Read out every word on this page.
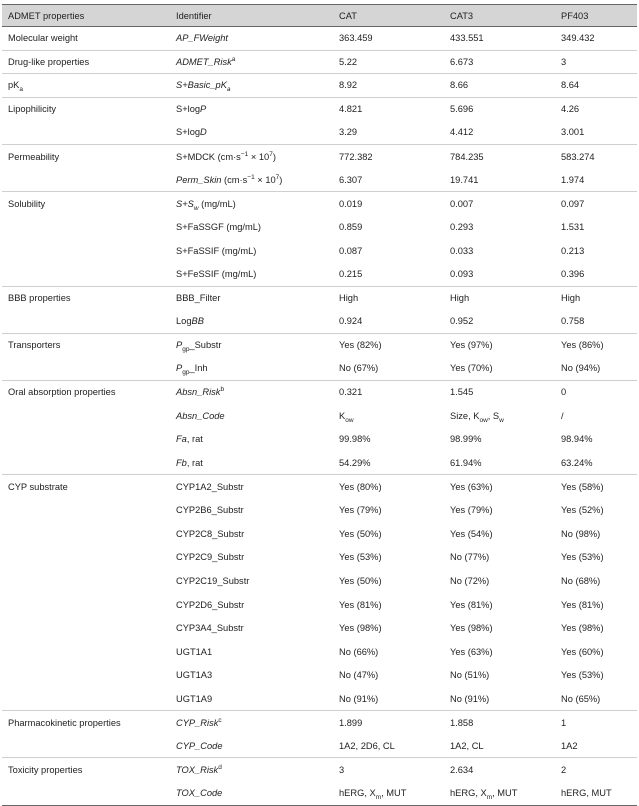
ADMET properties	Identifier	CAT	CAT3	PF403
Molecular weight	AP_FWeight	363.459	433.551	349.432
Drug-like properties	ADMET_Risk$^a$	5.22	6.673	3
$pK_a$	$S+Basic\_pK_a$	8.92	8.66	8.64
Lipophilicity	S+logP	4.821	5.696	4.26
	S+logD	3.29	4.412	3.001
Permeability	S+MDCK $(cm\cdot s^{-1} \times 10^7)$	772.382	784.235	583.274
	Perm_Skin $(cm\cdot s^{-1} \times 10^7)$	6.307	19.741	1.974
Solubility	$S+S_w$ (mg/mL)	0.019	0.007	0.097
	S+FaSSGF (mg/mL)	0.859	0.293	1.531
	S+FaSSIF (mg/mL)	0.087	0.033	0.213
	S+FeSSIF (mg/mL)	0.215	0.093	0.396
BBB properties	BBB_Filter	High	High	High
	LogBB	0.924	0.952	0.758
Transporters	$P_{gp}\_Substr$	Yes (82%)	Yes (97%)	Yes (86%)
	$P_{gp}\_Inh$	No (67%)	Yes (70%)	No (94%)
Oral absorption properties	Absn_Risk$^b$	0.321	1.545	0
	Absn_Code	$K_{ow}$	Size, $K_{ow}$, $S_w$	/
	Fa, rat	99.98%	98.99%	98.94%
	Fb, rat	54.29%	61.94%	63.24%
CYP substrate	CYP1A2_Substr	Yes (80%)	Yes (63%)	Yes (58%)
	CYP2B6_Substr	Yes (79%)	Yes (79%)	Yes (52%)
	CYP2C8_Substr	Yes (50%)	Yes (54%)	No (98%)
	CYP2C9_Substr	Yes (53%)	No (77%)	Yes (53%)
	CYP2C19_Substr	Yes (50%)	No (72%)	No (68%)
	CYP2D6_Substr	Yes (81%)	Yes (81%)	Yes (81%)
	CYP3A4_Substr	Yes (98%)	Yes (98%)	Yes (98%)
	UGT1A1	No (66%)	Yes (63%)	Yes (60%)
	UGT1A3	No (47%)	No (51%)	Yes (53%)
	UGT1A9	No (91%)	No (91%)	No (65%)
Pharmacokinetic properties	CYP_Risk$^c$	1.899	1.858	1
	CYP_Code	1A2, 2D6, CL	1A2, CL	1A2
Toxicity properties	TOX_Risk$^d$	3	2.634	2
	TOX_Code	hERG, $X_m$, MUT	hERG, $X_m$, MUT	hERG, MUT
